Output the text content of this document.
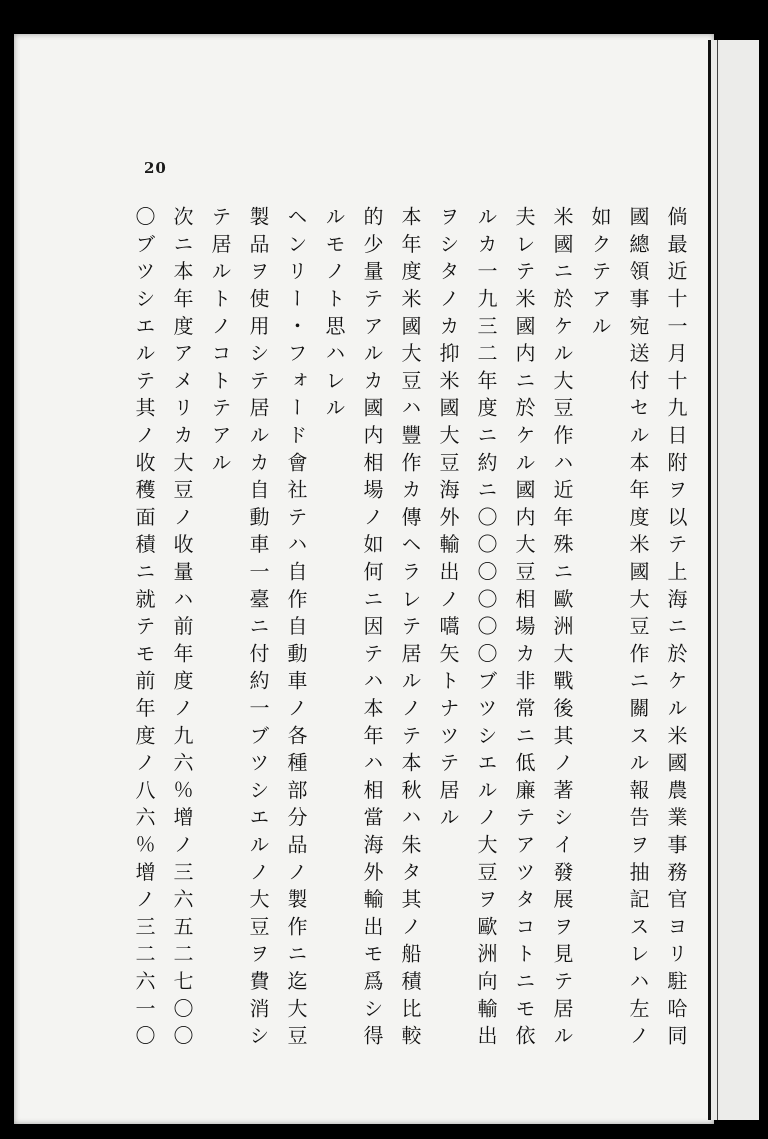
20
倘最近十一月十九日附ヲ以テ上海ニ於ケル米國農業事務官ヨリ駐哈同
國總領事宛送付セル本年度米國大豆作ニ關スル報告ヲ抽記スレハ左ノ
如クテアル
米國ニ於ケル大豆作ハ近年殊ニ歐洲大戰後其ノ著シイ發展ヲ見テ居ル
夫レテ米國内ニ於ケル國内大豆相場カ非常ニ低廉テアツタコトニモ依
ルカ一九三二年度ニ約ニ〇〇〇〇〇〇ブツシエルノ大豆ヲ歐洲向輸出
ヲシタノカ抑米國大豆海外輸出ノ嚆矢トナツテ居ル
本年度米國大豆ハ豐作カ傳ヘラレテ居ルノテ本秋ハ朱タ其ノ船積比較
的少量テアルカ國内相場ノ如何ニ因テハ本年ハ相當海外輸出モ爲シ得
ルモノト思ハレル
ヘンリー・フォード會社テハ自作自動車ノ各種部分品ノ製作ニ迄大豆
製品ヲ使用シテ居ルカ自動車一臺ニ付約一ブツシエルノ大豆ヲ費消シ
テ居ルトノコトテアル
次ニ本年度アメリカ大豆ノ收量ハ前年度ノ九六％增ノ三六五二七〇〇
〇ブツシエルテ其ノ收穫面積ニ就テモ前年度ノ八六％增ノ三二六一〇
